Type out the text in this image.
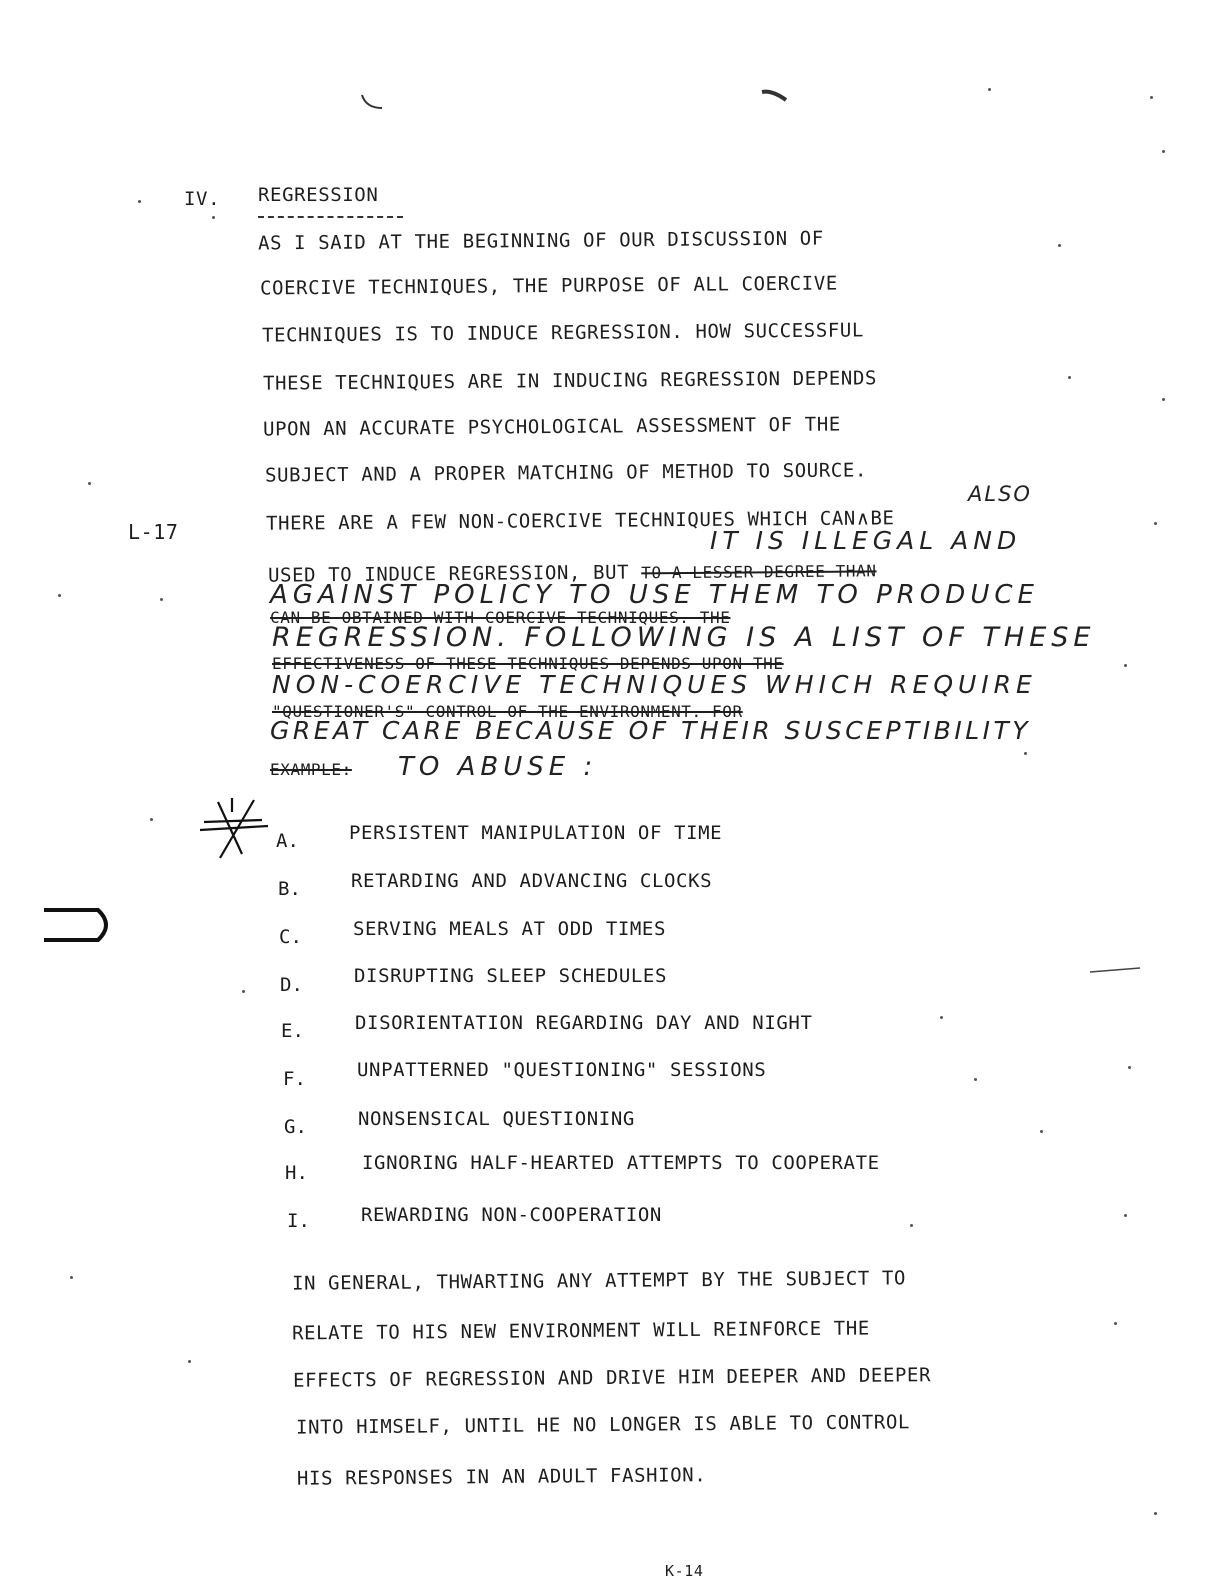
IV. REGRESSION
L-17
AS I SAID AT THE BEGINNING OF OUR DISCUSSION OF
COERCIVE TECHNIQUES, THE PURPOSE OF ALL COERCIVE
TECHNIQUES IS TO INDUCE REGRESSION. HOW SUCCESSFUL
THESE TECHNIQUES ARE IN INDUCING REGRESSION DEPENDS
UPON AN ACCURATE PSYCHOLOGICAL ASSESSMENT OF THE
SUBJECT AND A PROPER MATCHING OF METHOD TO SOURCE.
ALSO
THERE ARE A FEW NON-COERCIVE TECHNIQUES WHICH CAN∧BE
IT IS ILLEGAL AND
USED TO INDUCE REGRESSION, BUT TO A LESSER DEGREE THAN
AGAINST POLICY TO USE THEM TO PRODUCE
CAN BE OBTAINED WITH COERCIVE TECHNIQUES. THE
REGRESSION. FOLLOWING IS A LIST OF THESE
EFFECTIVENESS OF THESE TECHNIQUES DEPENDS UPON THE
NON-COERCIVE TECHNIQUES WHICH REQUIRE
"QUESTIONER'S" CONTROL OF THE ENVIRONMENT. FOR
GREAT CARE BECAUSE OF THEIR SUSCEPTIBILITY
EXAMPLE: TO ABUSE :
A.	PERSISTENT MANIPULATION OF TIME
B.	RETARDING AND ADVANCING CLOCKS
C.	SERVING MEALS AT ODD TIMES
D.	DISRUPTING SLEEP SCHEDULES
E.	DISORIENTATION REGARDING DAY AND NIGHT
F.	UNPATTERNED "QUESTIONING" SESSIONS
G.	NONSENSICAL QUESTIONING
H.	IGNORING HALF-HEARTED ATTEMPTS TO COOPERATE
I.	REWARDING NON-COOPERATION
IN GENERAL, THWARTING ANY ATTEMPT BY THE SUBJECT TO
RELATE TO HIS NEW ENVIRONMENT WILL REINFORCE THE
EFFECTS OF REGRESSION AND DRIVE HIM DEEPER AND DEEPER
INTO HIMSELF, UNTIL HE NO LONGER IS ABLE TO CONTROL
HIS RESPONSES IN AN ADULT FASHION.
K-14
